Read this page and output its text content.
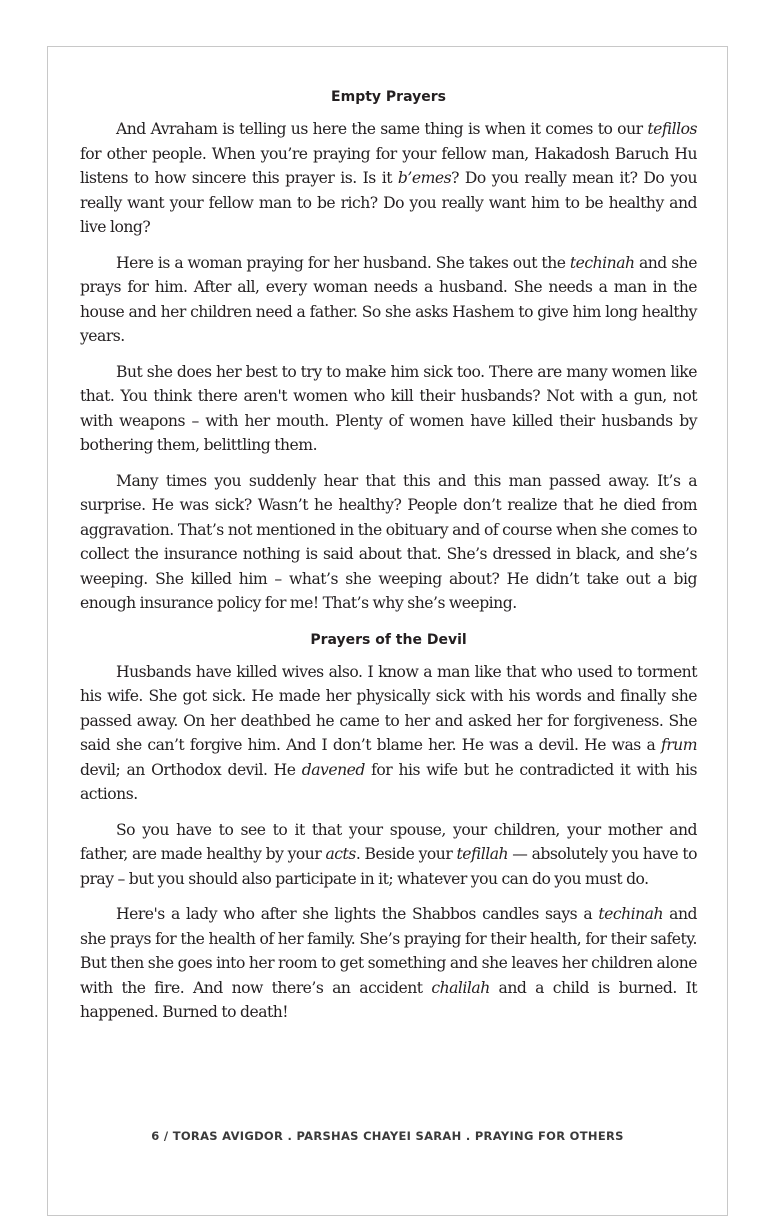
Empty Prayers

And Avraham is telling us here the same thing is when it comes to our tefillos for other people. When you’re praying for your fellow man, Hakadosh Baruch Hu listens to how sincere this prayer is. Is it b’emes? Do you really mean it? Do you really want your fellow man to be rich? Do you really want him to be healthy and live long?

Here is a woman praying for her husband. She takes out the techinah and she prays for him. After all, every woman needs a husband. She needs a man in the house and her children need a father. So she asks Hashem to give him long healthy years.

But she does her best to try to make him sick too. There are many women like that. You think there aren't women who kill their husbands? Not with a gun, not with weapons – with her mouth. Plenty of women have killed their husbands by bothering them, belittling them.

Many times you suddenly hear that this and this man passed away. It’s a surprise. He was sick? Wasn’t he healthy? People don’t realize that he died from aggravation. That’s not mentioned in the obituary and of course when she comes to collect the insurance nothing is said about that. She’s dressed in black, and she’s weeping. She killed him – what’s she weeping about? He didn’t take out a big enough insurance policy for me! That’s why she’s weeping.

Prayers of the Devil

Husbands have killed wives also. I know a man like that who used to torment his wife. She got sick. He made her physically sick with his words and finally she passed away. On her deathbed he came to her and asked her for forgiveness. She said she can’t forgive him. And I don’t blame her. He was a devil. He was a frum devil; an Orthodox devil. He davened for his wife but he contradicted it with his actions.

So you have to see to it that your spouse, your children, your mother and father, are made healthy by your acts. Beside your tefillah — absolutely you have to pray – but you should also participate in it; whatever you can do you must do.

Here's a lady who after she lights the Shabbos candles says a techinah and she prays for the health of her family. She’s praying for their health, for their safety. But then she goes into her room to get something and she leaves her children alone with the fire. And now there’s an accident chalilah and a child is burned. It happened. Burned to death!

6 / TORAS AVIGDOR . PARSHAS CHAYEI SARAH . PRAYING FOR OTHERS
